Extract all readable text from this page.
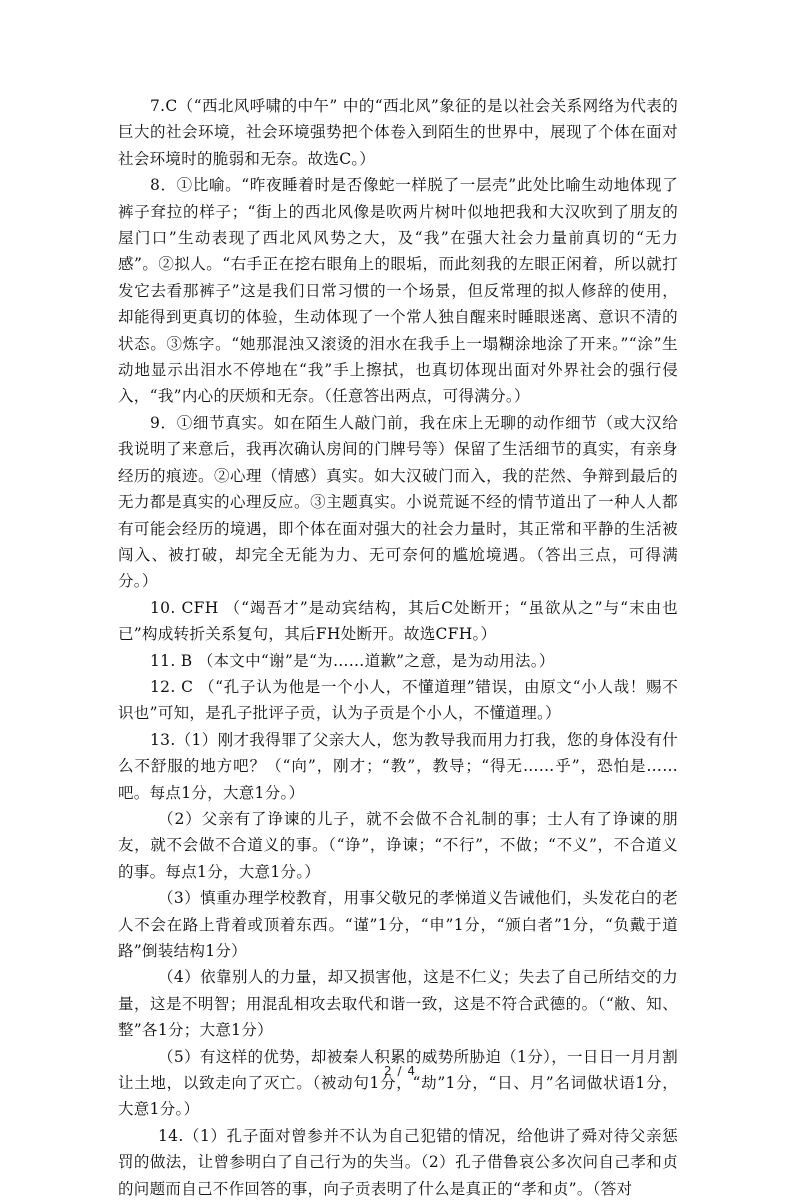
7.C（“西北风呼啸的中午” 中的“西北风”象征的是以社会关系网络为代表的巨大的社会环境，社会环境强势把个体卷入到陌生的世界中，展现了个体在面对社会环境时的脆弱和无奈。故选C。）

8．①比喻。“昨夜睡着时是否像蛇一样脱了一层壳”此处比喻生动地体现了裤子耷拉的样子；“街上的西北风像是吹两片树叶似地把我和大汉吹到了朋友的屋门口”生动表现了西北风风势之大，及“我”在强大社会力量前真切的“无力感”。②拟人。“右手正在挖右眼角上的眼垢，而此刻我的左眼正闲着，所以就打发它去看那裤子”这是我们日常习惯的一个场景，但反常理的拟人修辞的使用，却能得到更真切的体验，生动体现了一个常人独自醒来时睡眼迷离、意识不清的状态。③炼字。“她那混浊又滚烫的泪水在我手上一塌糊涂地涂了开来。”“涂”生动地显示出泪水不停地在“我”手上擦拭，也真切体现出面对外界社会的强行侵入，“我”内心的厌烦和无奈。（任意答出两点，可得满分。）

9．①细节真实。如在陌生人敲门前，我在床上无聊的动作细节（或大汉给我说明了来意后，我再次确认房间的门牌号等）保留了生活细节的真实，有亲身经历的痕迹。②心理（情感）真实。如大汉破门而入，我的茫然、争辩到最后的无力都是真实的心理反应。③主题真实。小说荒诞不经的情节道出了一种人人都有可能会经历的境遇，即个体在面对强大的社会力量时，其正常和平静的生活被闯入、被打破，却完全无能为力、无可奈何的尴尬境遇。（答出三点，可得满分。）

10. CFH （“竭吾才”是动宾结构，其后C处断开；“虽欲从之”与“末由也已”构成转折关系复句，其后FH处断开。故选CFH。）

11. B （本文中“谢”是“为……道歉”之意，是为动用法。）

12. C （“孔子认为他是一个小人，不懂道理”错误，由原文“小人哉！赐不识也”可知，是孔子批评子贡，认为子贡是个小人，不懂道理。）

13.（1）刚才我得罪了父亲大人，您为教导我而用力打我，您的身体没有什么不舒服的地方吧？（“向”，刚才；“教”，教导；“得无……乎”，恐怕是……吧。每点1分，大意1分。）

（2）父亲有了诤谏的儿子，就不会做不合礼制的事；士人有了诤谏的朋友，就不会做不合道义的事。（“诤”，诤谏；“不行”，不做；“不义”，不合道义的事。每点1分，大意1分。）

（3）慎重办理学校教育，用事父敬兄的孝悌道义告诫他们，头发花白的老人不会在路上背着或顶着东西。“谨”1分，“申”1分，“颁白者”1分，“负戴于道路”倒装结构1分）

（4）依靠别人的力量，却又损害他，这是不仁义；失去了自己所结交的力量，这是不明智；用混乱相攻去取代和谐一致，这是不符合武德的。（“敝、知、整”各1分；大意1分）

（5）有这样的优势，却被秦人积累的威势所胁迫（1分），一日日一月月割让土地，以致走向了灭亡。（被动句1分，“劫”1分，“日、月”名词做状语1分，大意1分。）

14.（1）孔子面对曾参并不认为自己犯错的情况，给他讲了舜对待父亲惩罚的做法，让曾参明白了自己行为的失当。（2）孔子借鲁哀公多次问自己孝和贞的问题而自己不作回答的事，向子贡表明了什么是真正的“孝和贞”。（答对

2 / 4
